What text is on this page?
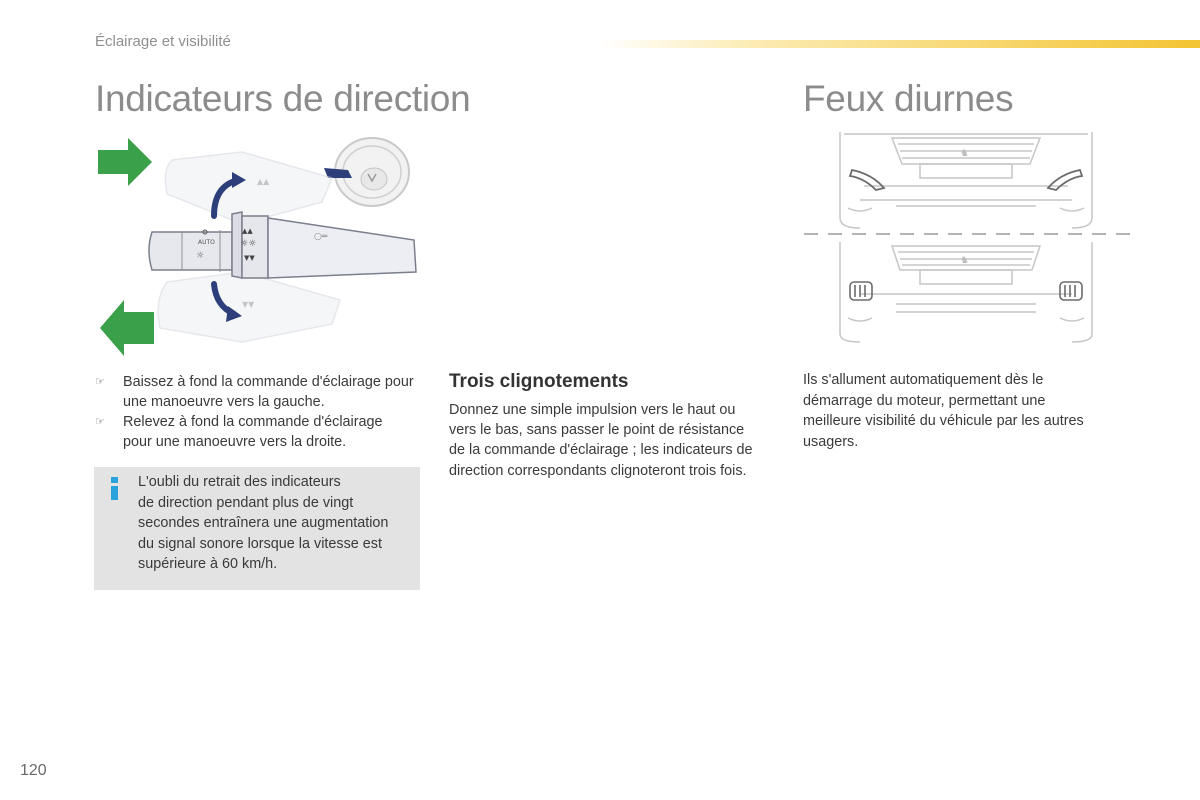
Éclairage et visibilité
Indicateurs de direction	Feux diurnes
▲▲
▼▼
AUTO
☼
▲▲
☼☼
▼▼
○═
♞
♞
☞ Baissez à fond la commande d'éclairage pour une manoeuvre vers la gauche.
☞ Relevez à fond la commande d'éclairage pour une manoeuvre vers la droite.
L'oubli du retrait des indicateurs
de direction pendant plus de vingt
secondes entraînera une augmentation
du signal sonore lorsque la vitesse est
supérieure à 60 km/h.
Trois clignotements
Donnez une simple impulsion vers le haut ou
vers le bas, sans passer le point de résistance
de la commande d'éclairage ; les indicateurs de
direction correspondants clignoteront trois fois.
Ils s'allument automatiquement dès le
démarrage du moteur, permettant une
meilleure visibilité du véhicule par les autres
usagers.
120
